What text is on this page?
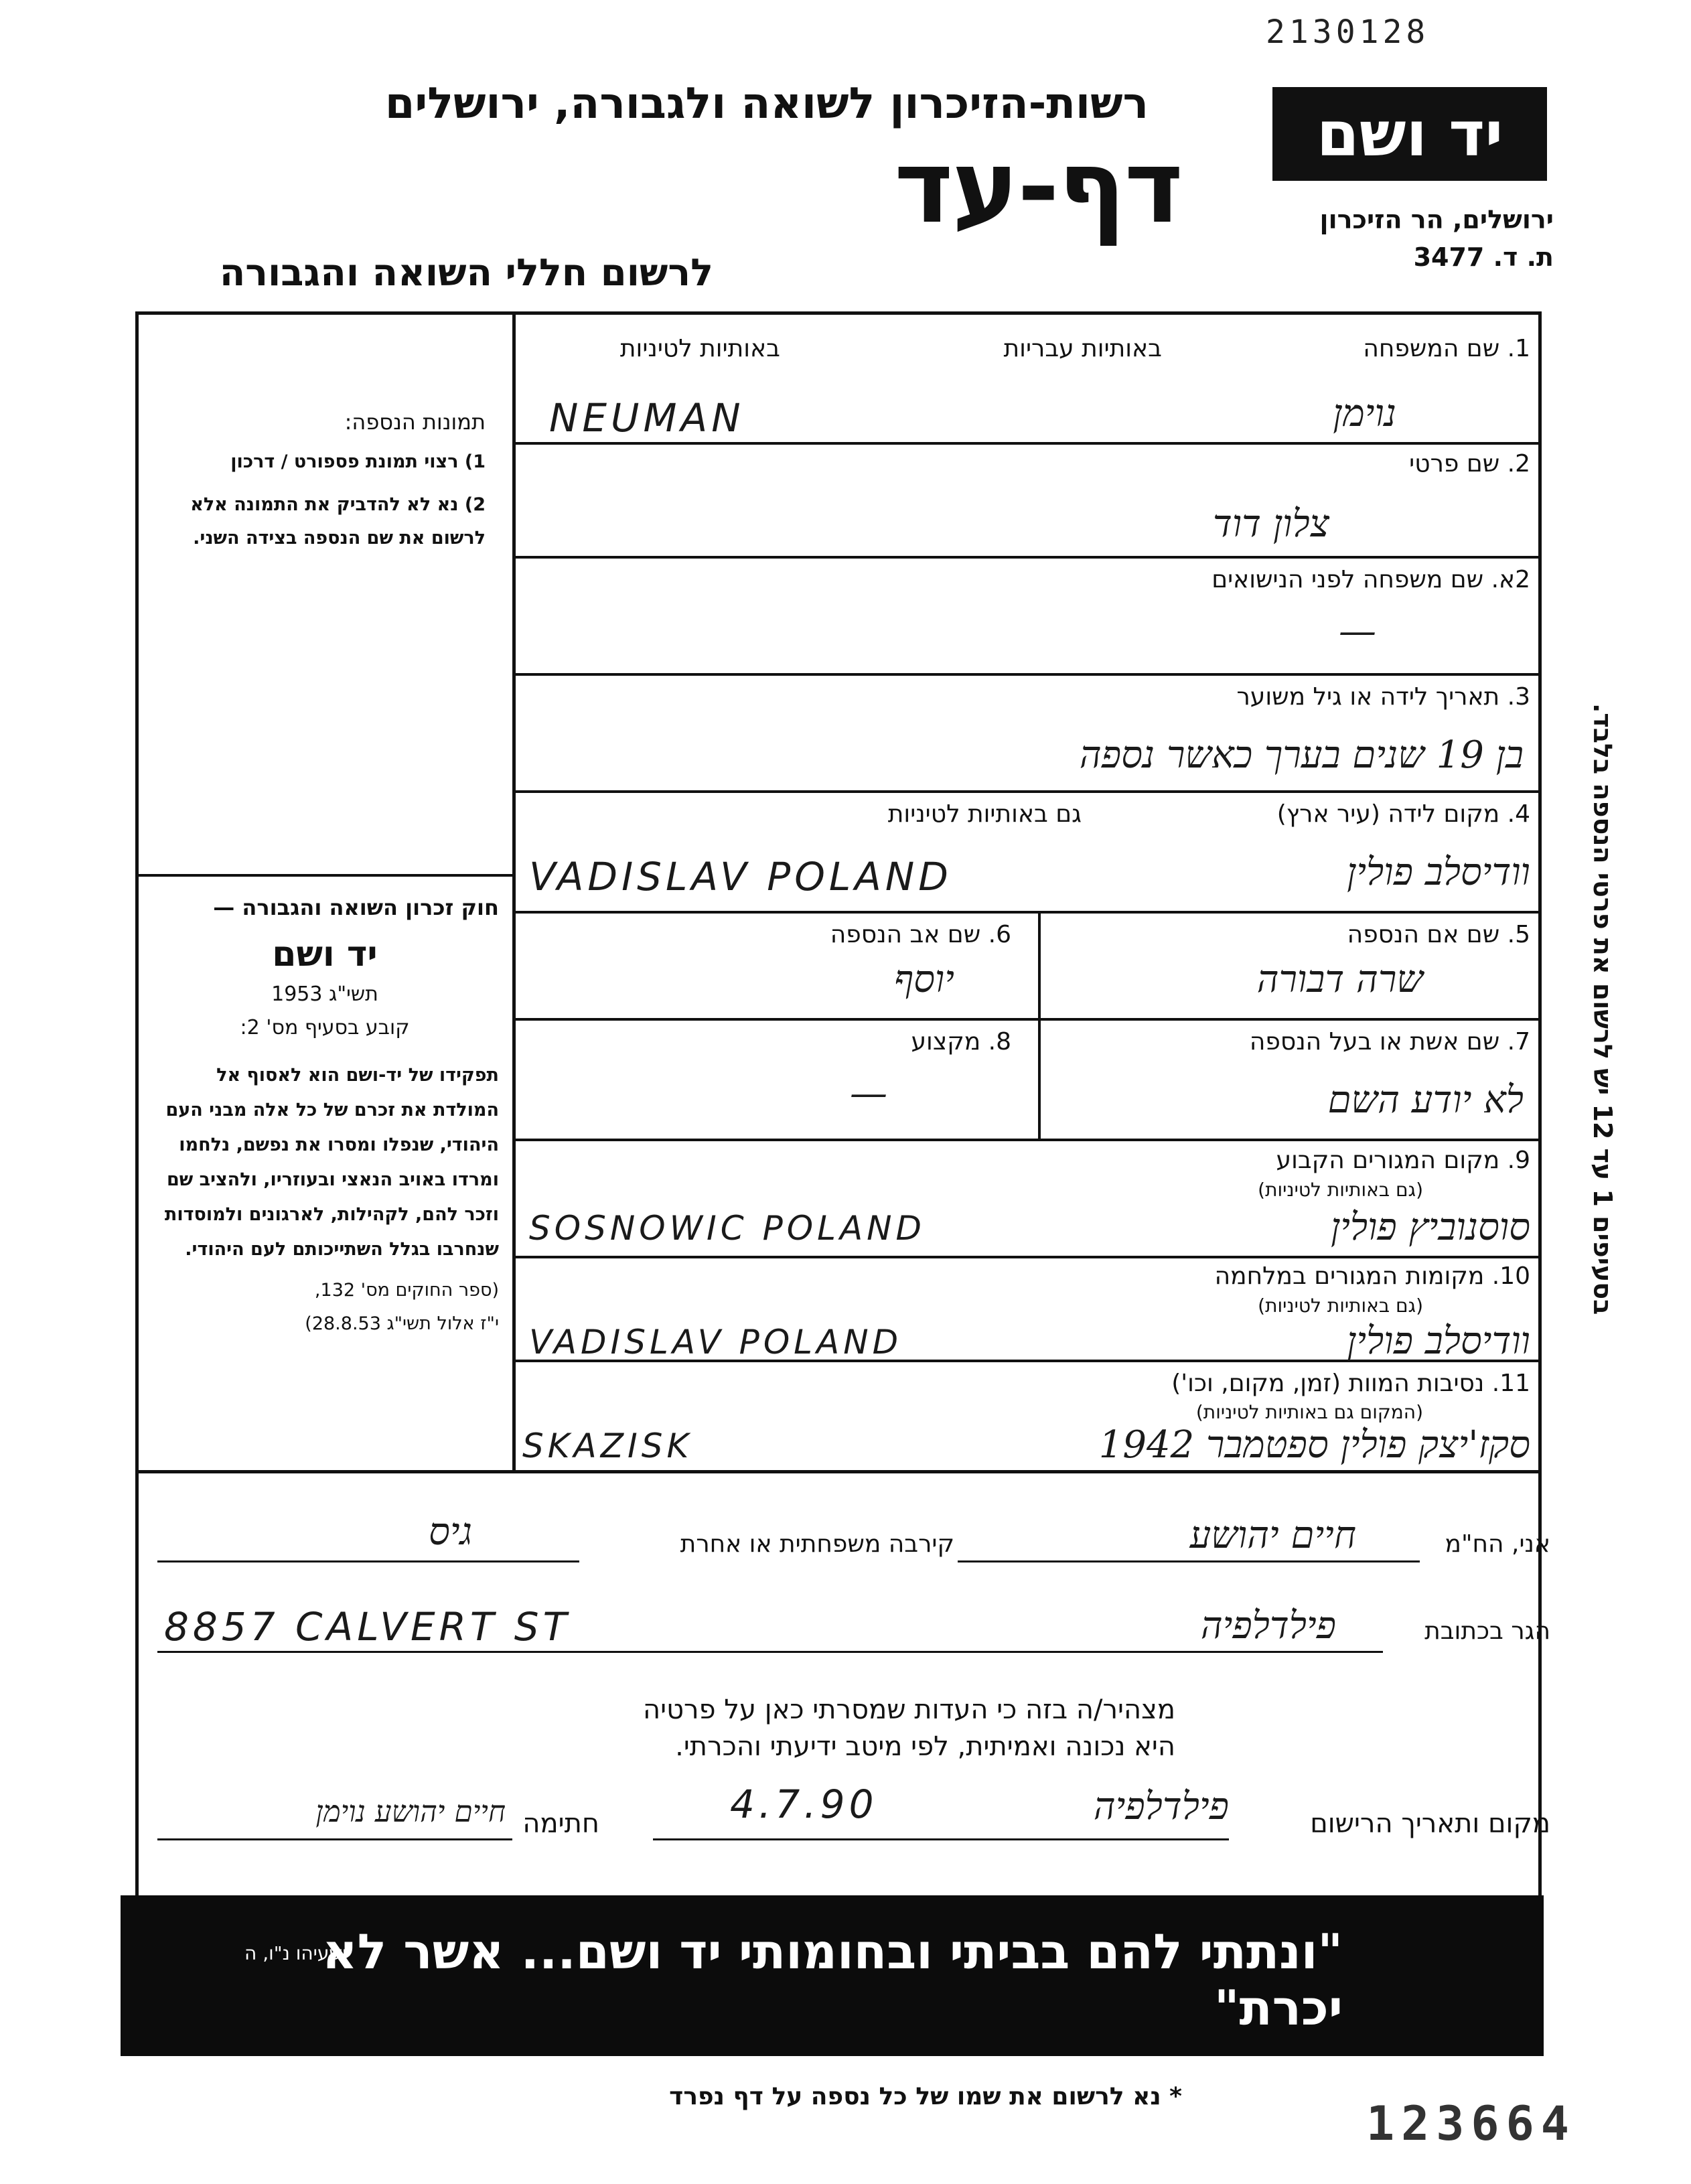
2130128
רשות-הזיכרון לשואה ולגבורה, ירושלים
דף-עד
לרשום חללי השואה והגבורה
יד ושם
ירושלים, הר הזיכרון
ת. ד. 3477
בסעיפים 1 עד 12 יש לרשום את פרטי הנספה בלבד.
תמונות הנספה:
1) רצוי תמונת פספורט / דרכון
2) נא לא להדביק את התמונה אלא לרשום את שם הנספה בצידה השני.
חוק זכרון השואה והגבורה —
יד ושם
תשי"ג 1953
קובע בסעיף מס' 2:
תפקידו של יד-ושם הוא לאסוף אל המולדת את זכרם של כל אלה מבני העם היהודי, שנפלו ומסרו את נפשם, נלחמו ומרדו באויב הנאצי ובעוזריו, ולהציב שם וזכר להם, לקהילות, לארגונים ולמוסדות שנחרבו בגלל השתייכותם לעם היהודי.
(ספר החוקים מס' 132,
י"ז אלול תשי"ג 28.8.53)
1. שם המשפחה
באותיות עבריות
באותיות לטיניות
NEUMAN	נוימן
2. שם פרטי
צלון דוד
2א. שם משפחה לפני הנישואים
—
3. תאריך לידה או גיל משוער
בן 19 שנים בערך כאשר נספה
4. מקום לידה (עיר ארץ)
גם באותיות לטיניות
VADISLAV POLAND	וודיסלב פולין
5. שם אם הנספה
שרה דבורה
6. שם אב הנספה
יוסף
7. שם אשת או בעל הנספה
לא יודע השם
8. מקצוע
—
9. מקום המגורים הקבוע
(גם באותיות לטיניות)
SOSNOWIC POLAND	סוסנוביץ פולין
10. מקומות המגורים במלחמה
(גם באותיות לטיניות)
VADISLAV POLAND	וודיסלב פולין
11. נסיבות המוות (זמן, מקום, וכו')
(המקום גם באותיות לטיניות)
SKAZISK	סקז'יצק פולין ספטמבר 1942
אני, הח"מ
חיים יהושע
קירבה משפחתית או אחרת
גיס
הגר בכתובת
8857 CALVERT ST	פילדלפיה
מצהיר/ה בזה כי העדות שמסרתי כאן על פרטיה
היא נכונה ואמיתית, לפי מיטב ידיעתי והכרתי.
מקום ותאריך הרישום
פילדלפיה
4.7.90
חתימה
חיים יהושע נוימן
"ונתתי להם בביתי ובחומותי יד ושם... אשר לא יכרת"
ישעיהו נ"ו, ה
* נא לרשום את שמו של כל נספה על דף נפרד	123664
